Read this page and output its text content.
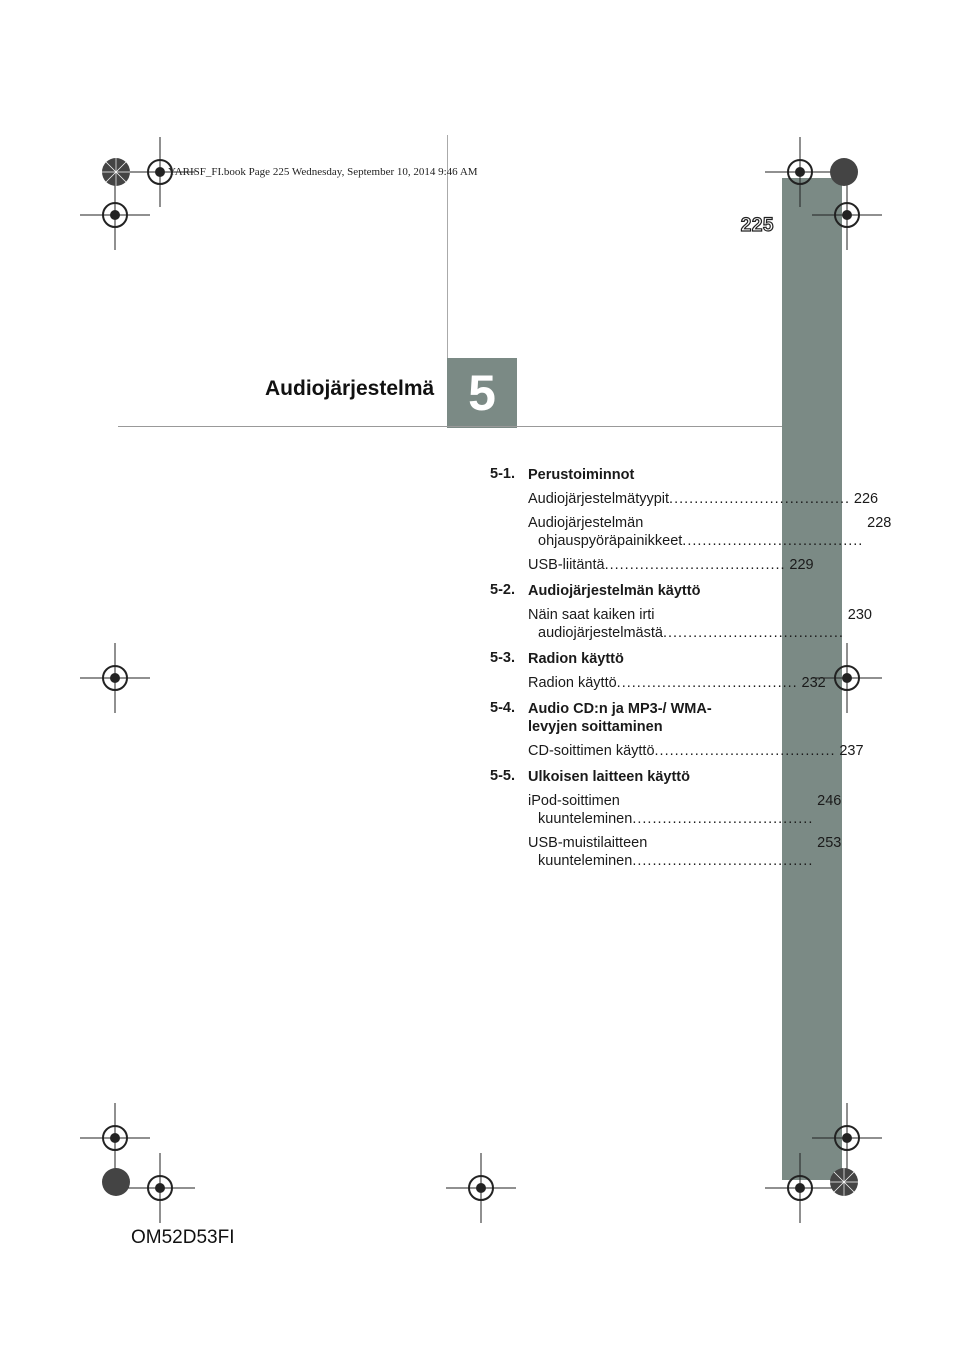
YARISF_FI.book Page 225 Wednesday, September 10, 2014 9:46 AM
225
Audiojärjestelmä 5
5-1. Perustoiminnot
Audiojärjestelmätyypit.................................... 226
Audiojärjestelmän
ohjauspyöräpainikkeet....................................
228
USB-liitäntä.................................... 229
5-2. Audiojärjestelmän käyttö
Näin saat kaiken irti
audiojärjestelmästä....................................
230
5-3. Radion käyttö
Radion käyttö.................................... 232
5-4. Audio CD:n ja MP3-/ WMA-levyjen soittaminen
CD-soittimen käyttö.................................... 237
5-5. Ulkoisen laitteen käyttö
iPod-soittimen
kuunteleminen....................................
246
USB-muistilaitteen
kuunteleminen....................................
253
OM52D53FI
